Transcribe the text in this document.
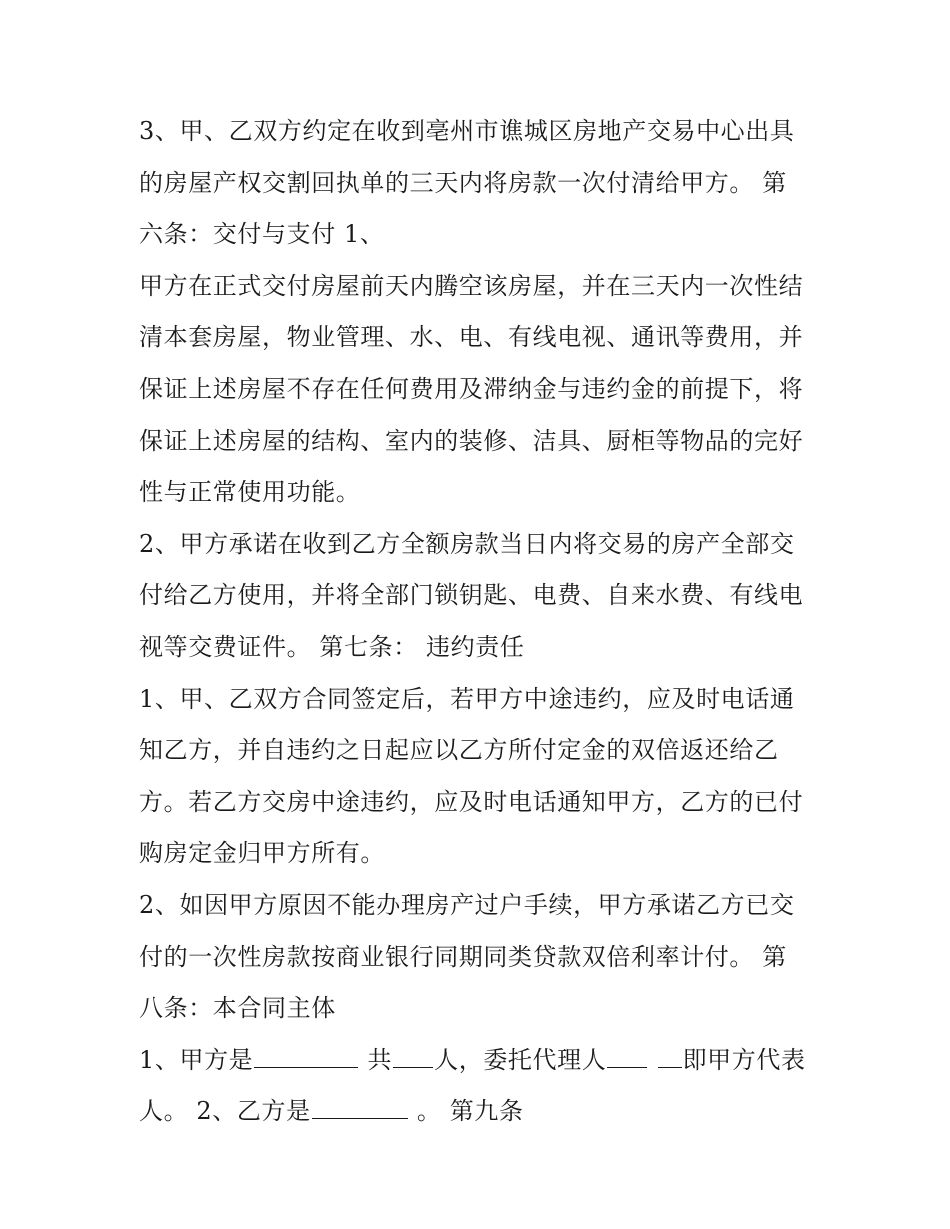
3、甲、乙双方约定在收到亳州市谯城区房地产交易中心出具
的房屋产权交割回执单的三天内将房款一次付清给甲方。 第
六条：交付与支付 1、
甲方在正式交付房屋前天内腾空该房屋，并在三天内一次性结
清本套房屋，物业管理、水、电、有线电视、通讯等费用，并
保证上述房屋不存在任何费用及滞纳金与违约金的前提下，将
保证上述房屋的结构、室内的装修、洁具、厨柜等物品的完好
性与正常使用功能。
2、甲方承诺在收到乙方全额房款当日内将交易的房产全部交
付给乙方使用，并将全部门锁钥匙、电费、自来水费、有线电
视等交费证件。 第七条： 违约责任
1、甲、乙双方合同签定后，若甲方中途违约，应及时电话通
知乙方，并自违约之日起应以乙方所付定金的双倍返还给乙
方。若乙方交房中途违约，应及时电话通知甲方，乙方的已付
购房定金归甲方所有。
2、如因甲方原因不能办理房产过户手续，甲方承诺乙方已交
付的一次性房款按商业银行同期同类贷款双倍利率计付。 第
八条：本合同主体
1、甲方是	共 人，委托代理人	即甲方代表
人。 2、乙方是	。 第九条
